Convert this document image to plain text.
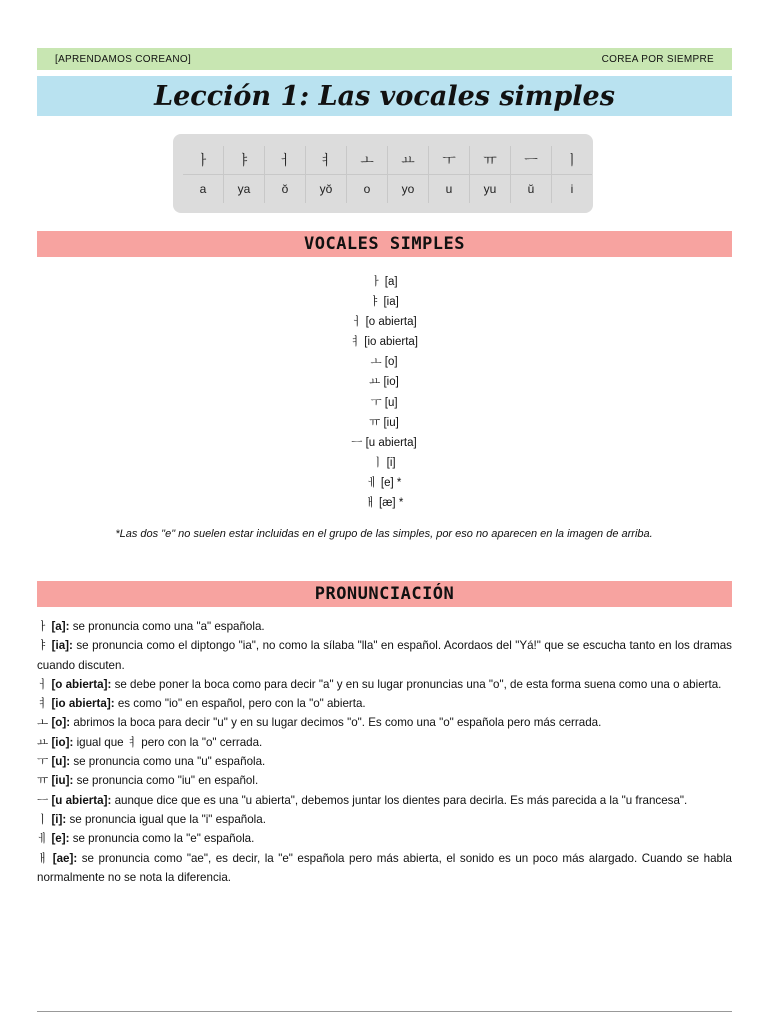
[APRENDAMOS COREANO]	COREA POR SIEMPRE
Lección 1: Las vocales simples
ㅏ	ㅑ	ㅓ	ㅕ	ㅗ	ㅛ	ㅜ	ㅠ	ㅡ	ㅣ
a	ya	ŏ	yŏ	o	yo	u	yu	ŭ	i
VOCALES SIMPLES
ㅏ [a]
ㅑ [ia]
ㅓ [o abierta]
ㅕ [io abierta]
ㅗ [o]
ㅛ [io]
ㅜ [u]
ㅠ [iu]
ㅡ [u abierta]
ㅣ [i]
ㅔ [e] *
ㅐ [æ] *
*Las dos "e" no suelen estar incluidas en el grupo de las simples, por eso no aparecen en la imagen de arriba.
PRONUNCIACIÓN

ㅏ [a]: se pronuncia como una "a" española.

ㅑ [ia]: se pronuncia como el diptongo "ia", no como la sílaba "lla" en español. Acordaos del "Yá!" que se escucha tanto en los dramas cuando discuten.

ㅓ [o abierta]: se debe poner la boca como para decir "a" y en su lugar pronuncias una "o", de esta forma suena como una o abierta.

ㅕ [io abierta]: es como "io" en español, pero con la "o" abierta.

ㅗ [o]: abrimos la boca para decir "u" y en su lugar decimos "o". Es como una "o" española pero más cerrada.

ㅛ [io]: igual que ㅕ pero con la "o" cerrada.

ㅜ [u]: se pronuncia como una "u" española.

ㅠ [iu]: se pronuncia como "iu" en español.

ㅡ [u abierta]: aunque dice que es una "u abierta", debemos juntar los dientes para decirla. Es más parecida a la "u francesa".

ㅣ [i]: se pronuncia igual que la "i" española.

ㅔ [e]: se pronuncia como la "e" española.

ㅐ [ae]: se pronuncia como "ae", es decir, la "e" española pero más abierta, el sonido es un poco más alargado. Cuando se habla normalmente no se nota la diferencia.
